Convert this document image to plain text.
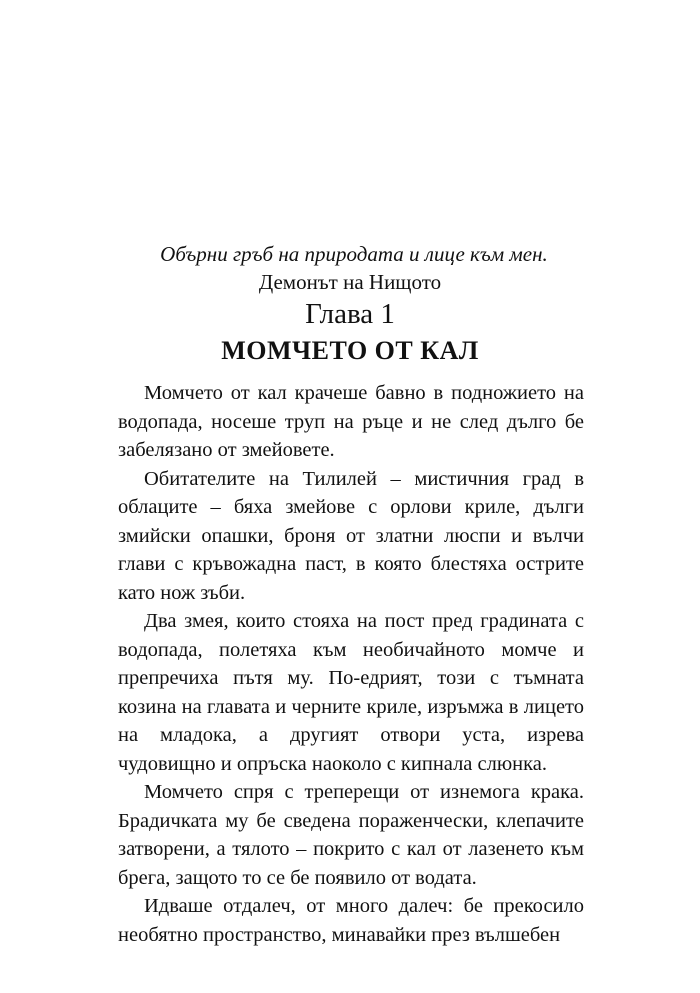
Обърни гръб на природата и лице към мен.

Демонът на Нищото

Глава 1
МОМЧЕТО ОТ КАЛ

Момчето от кал крачеше бавно в подножието на водопада, носеше труп на ръце и не след дълго бе забелязано от змейовете.

Обитателите на Тилилей – мистичния град в облаците – бяха змейове с орлови криле, дълги змийски опашки, броня от златни люспи и вълчи глави с кръвожадна паст, в която блестяха острите като нож зъби.

Два змея, които стояха на пост пред градината с водопада, полетяха към необичайното момче и препречиха пътя му. По-едрият, този с тъмната козина на главата и черните криле, изръмжа в лицето на младока, а другият отвори уста, изрева чудовищно и опръска наоколо с кипнала слюнка.

Момчето спря с треперещи от изнемога крака. Брадичката му бе сведена пораженчески, клепачите затворени, а тялото – покрито с кал от лазенето към брега, защото то се бе появило от водата.

Идваше отдалеч, от много далеч: бе прекосило необятно пространство, минавайки през вълшебен
